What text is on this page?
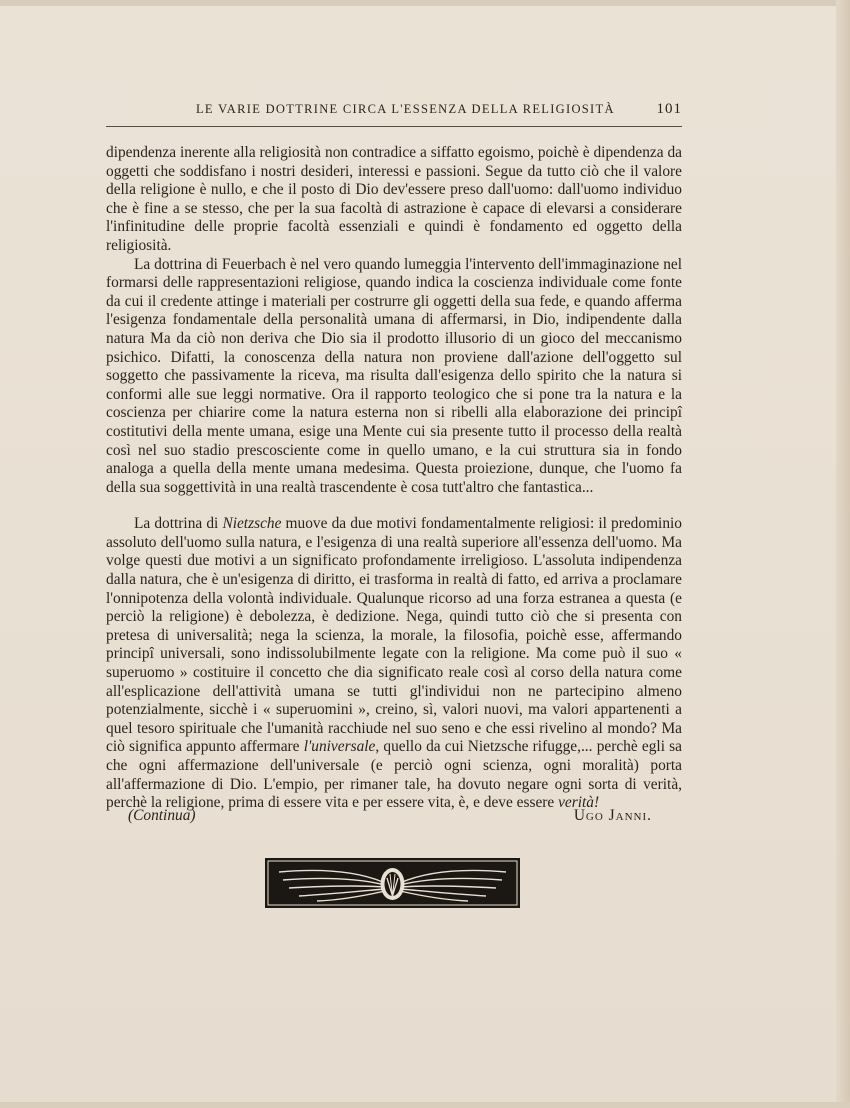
LE VARIE DOTTRINE CIRCA L'ESSENZA DELLA RELIGIOSITÀ	101

dipendenza inerente alla religiosità non contradice a siffatto egoismo, poichè è dipendenza da oggetti che soddisfano i nostri desideri, interessi e passioni. Segue da tutto ciò che il valore della religione è nullo, e che il posto di Dio dev'essere preso dall'uomo: dall'uomo individuo che è fine a se stesso, che per la sua facoltà di astrazione è capace di elevarsi a considerare l'infinitudine delle proprie facoltà essenziali e quindi è fondamento ed oggetto della religiosità.

La dottrina di Feuerbach è nel vero quando lumeggia l'intervento dell'immaginazione nel formarsi delle rappresentazioni religiose, quando indica la coscienza individuale come fonte da cui il credente attinge i materiali per costrurre gli oggetti della sua fede, e quando afferma l'esigenza fondamentale della personalità umana di affermarsi, in Dio, indipendente dalla natura Ma da ciò non deriva che Dio sia il prodotto illusorio di un gioco del meccanismo psichico. Difatti, la conoscenza della natura non proviene dall'azione dell'oggetto sul soggetto che passivamente la riceva, ma risulta dall'esigenza dello spirito che la natura si conformi alle sue leggi normative. Ora il rapporto teologico che si pone tra la natura e la coscienza per chiarire come la natura esterna non si ribelli alla elaborazione dei principî costitutivi della mente umana, esige una Mente cui sia presente tutto il processo della realtà così nel suo stadio prescosciente come in quello umano, e la cui struttura sia in fondo analoga a quella della mente umana medesima. Questa proiezione, dunque, che l'uomo fa della sua soggettività in una realtà trascendente è cosa tutt'altro che fantastica...

La dottrina di Nietzsche muove da due motivi fondamentalmente religiosi: il predominio assoluto dell'uomo sulla natura, e l'esigenza di una realtà superiore all'essenza dell'uomo. Ma volge questi due motivi a un significato profondamente irreligioso. L'assoluta indipendenza dalla natura, che è un'esigenza di diritto, ei trasforma in realtà di fatto, ed arriva a proclamare l'onnipotenza della volontà individuale. Qualunque ricorso ad una forza estranea a questa (e perciò la religione) è debolezza, è dedizione. Nega, quindi tutto ciò che si presenta con pretesa di universalità; nega la scienza, la morale, la filosofia, poichè esse, affermando principî universali, sono indissolubilmente legate con la religione. Ma come può il suo « superuomo » costituire il concetto che dia significato reale così al corso della natura come all'esplicazione dell'attività umana se tutti gl'individui non ne partecipino almeno potenzialmente, sicchè i « superuomini », creino, sì, valori nuovi, ma valori appartenenti a quel tesoro spirituale che l'umanità racchiude nel suo seno e che essi rivelino al mondo? Ma ciò significa appunto affermare l'universale, quello da cui Nietzsche rifugge,... perchè egli sa che ogni affermazione dell'universale (e perciò ogni scienza, ogni moralità) porta all'affermazione di Dio. L'empio, per rimaner tale, ha dovuto negare ogni sorta di verità, perchè la religione, prima di essere vita e per essere vita, è, e deve essere verità!

(Continua)	Ugo Janni.
